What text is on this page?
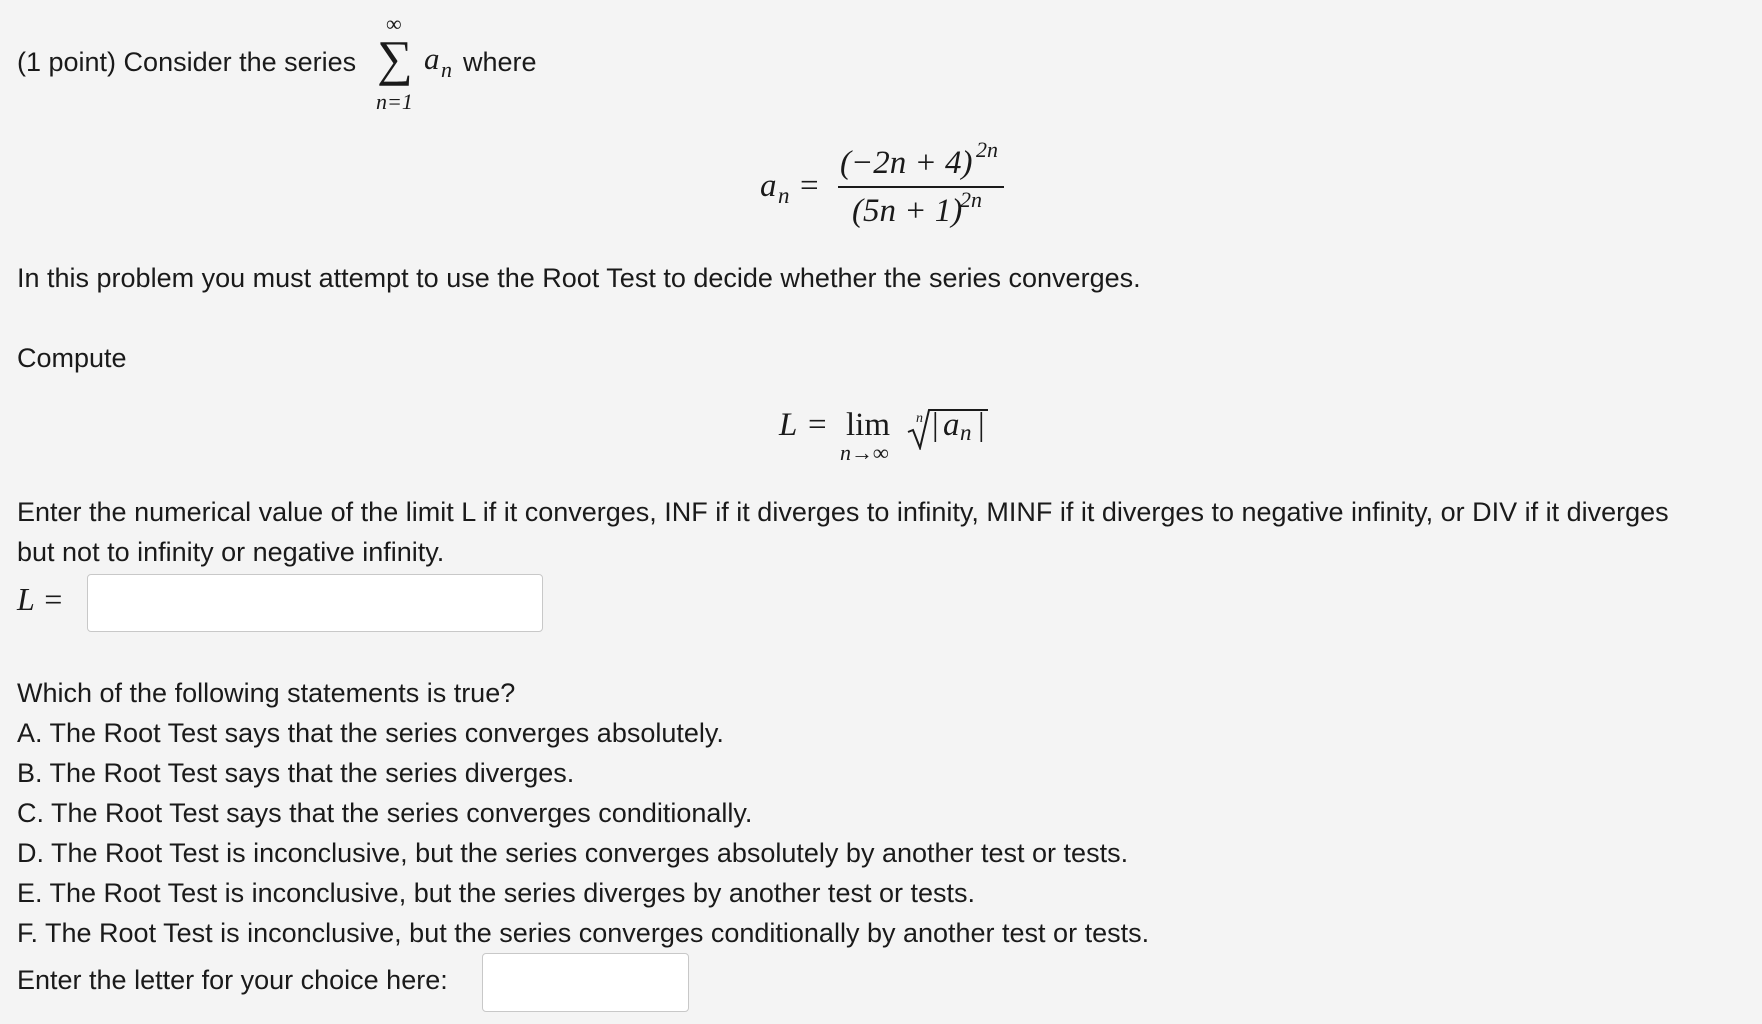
(1 point) Consider the series
∞
∑
n=1
a n where
a n =
(−2n + 4) 2n
(5n + 1)
2n
In this problem you must attempt to use the Root Test to decide whether the series converges.
Compute
L = lim
n→∞
n | a n |
Enter the numerical value of the limit L if it converges, INF if it diverges to infinity, MINF if it diverges to negative infinity, or DIV if it diverges
but not to infinity or negative infinity.
L =
Which of the following statements is true?
A. The Root Test says that the series converges absolutely.
B. The Root Test says that the series diverges.
C. The Root Test says that the series converges conditionally.
D. The Root Test is inconclusive, but the series converges absolutely by another test or tests.
E. The Root Test is inconclusive, but the series diverges by another test or tests.
F. The Root Test is inconclusive, but the series converges conditionally by another test or tests.
Enter the letter for your choice here:
